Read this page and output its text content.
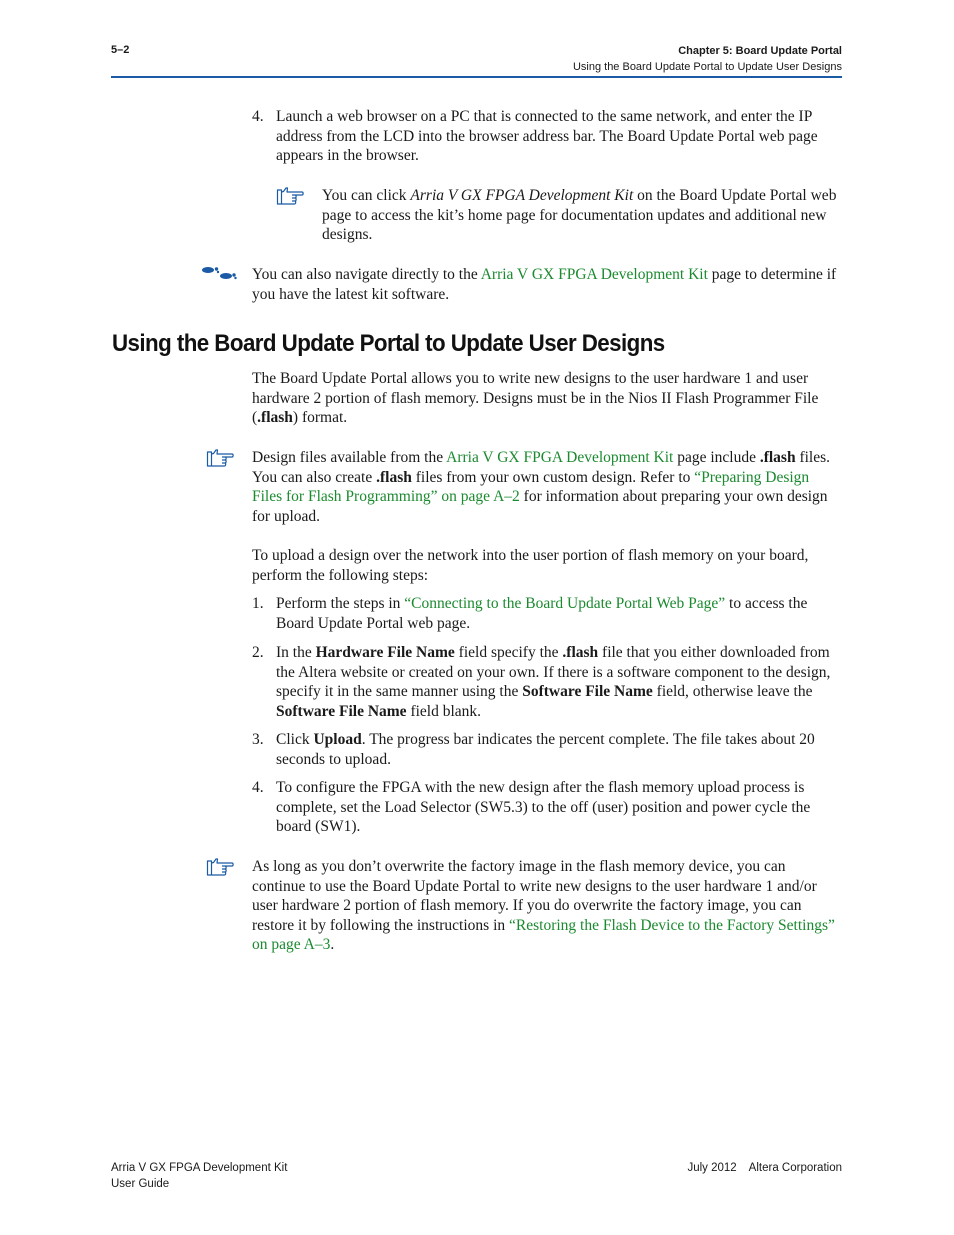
5–2	Chapter 5: Board Update Portal
Using the Board Update Portal to Update User Designs
4. Launch a web browser on a PC that is connected to the same network, and enter the IP address from the LCD into the browser address bar. The Board Update Portal web page appears in the browser.
You can click Arria V GX FPGA Development Kit on the Board Update Portal web page to access the kit’s home page for documentation updates and additional new designs.
You can also navigate directly to the Arria V GX FPGA Development Kit page to determine if you have the latest kit software.
Using the Board Update Portal to Update User Designs
The Board Update Portal allows you to write new designs to the user hardware 1 and user hardware 2 portion of flash memory. Designs must be in the Nios II Flash Programmer File (.flash) format.
Design files available from the Arria V GX FPGA Development Kit page include .flash files. You can also create .flash files from your own custom design. Refer to “Preparing Design Files for Flash Programming” on page A–2 for information about preparing your own design for upload.
To upload a design over the network into the user portion of flash memory on your board, perform the following steps:
1. Perform the steps in “Connecting to the Board Update Portal Web Page” to access the Board Update Portal web page.
2. In the Hardware File Name field specify the .flash file that you either downloaded from the Altera website or created on your own. If there is a software component to the design, specify it in the same manner using the Software File Name field, otherwise leave the Software File Name field blank.
3. Click Upload. The progress bar indicates the percent complete. The file takes about 20 seconds to upload.
4. To configure the FPGA with the new design after the flash memory upload process is complete, set the Load Selector (SW5.3) to the off (user) position and power cycle the board (SW1).
As long as you don’t overwrite the factory image in the flash memory device, you can continue to use the Board Update Portal to write new designs to the user hardware 1 and/or user hardware 2 portion of flash memory. If you do overwrite the factory image, you can restore it by following the instructions in “Restoring the Flash Device to the Factory Settings” on page A–3.
Arria V GX FPGA Development Kit
User Guide
July 2012 Altera Corporation
